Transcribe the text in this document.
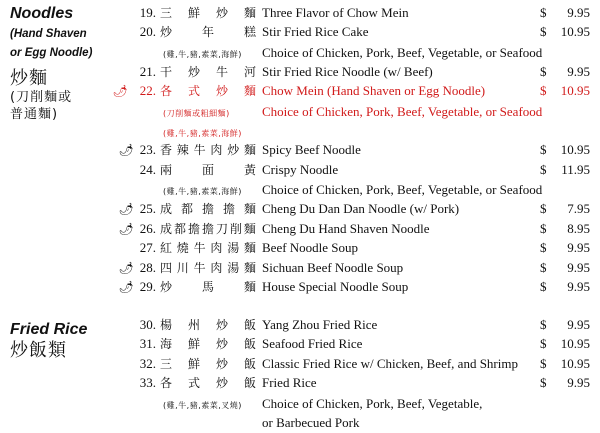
Noodles
(Hand Shaven
or Egg Noodle)
炒麵
(刀削麵或
普通麵)
Fried Rice
炒飯類
19. 三 鮮 炒 麵 Three Flavor of Chow Mein	$ 9.95
20. 炒 年 糕 Stir Fried Rice Cake	$ 10.95
(雞,牛,豬,素菜,海鮮) Choice of Chicken, Pork, Beef, Vegetable, or Seafood
21. 干 炒 牛 河 Stir Fried Rice Noodle (w/ Beef)	$ 9.95
🌶 22. 各 式 炒 麵 Chow Mein (Hand Shaven or Egg Noodle)	$ 10.95
(刀削麵或粗細麵) Choice of Chicken, Pork, Beef, Vegetable, or Seafood
(雞,牛,豬,素菜,海鮮)
🌶 23. 香 辣 牛 肉 炒 麵 Spicy Beef Noodle	$ 10.95
24. 兩 面 黃 Crispy Noodle	$ 11.95
(雞,牛,豬,素菜,海鮮) Choice of Chicken, Pork, Beef, Vegetable, or Seafood
🌶 25. 成 都 擔 擔 麵 Cheng Du Dan Dan Noodle (w/ Pork)	$ 7.95
🌶 26. 成 都 擔 擔 刀 削 麵 Cheng Du Hand Shaven Noodle	$ 8.95
27. 紅 燒 牛 肉 湯 麵 Beef Noodle Soup	$ 9.95
🌶 28. 四 川 牛 肉 湯 麵 Sichuan Beef Noodle Soup	$ 9.95
🌶 29. 炒 馬 麵 House Special Noodle Soup	$ 9.95
30. 楊 州 炒 飯 Yang Zhou Fried Rice	$ 9.95
31. 海 鮮 炒 飯 Seafood Fried Rice	$ 10.95
32. 三 鮮 炒 飯 Classic Fried Rice w/ Chicken, Beef, and Shrimp $ 10.95
33. 各 式 炒 飯 Fried Rice	$ 9.95
(雞,牛,豬,素菜,叉燒) Choice of Chicken, Pork, Beef, Vegetable,
or Barbecued Pork
